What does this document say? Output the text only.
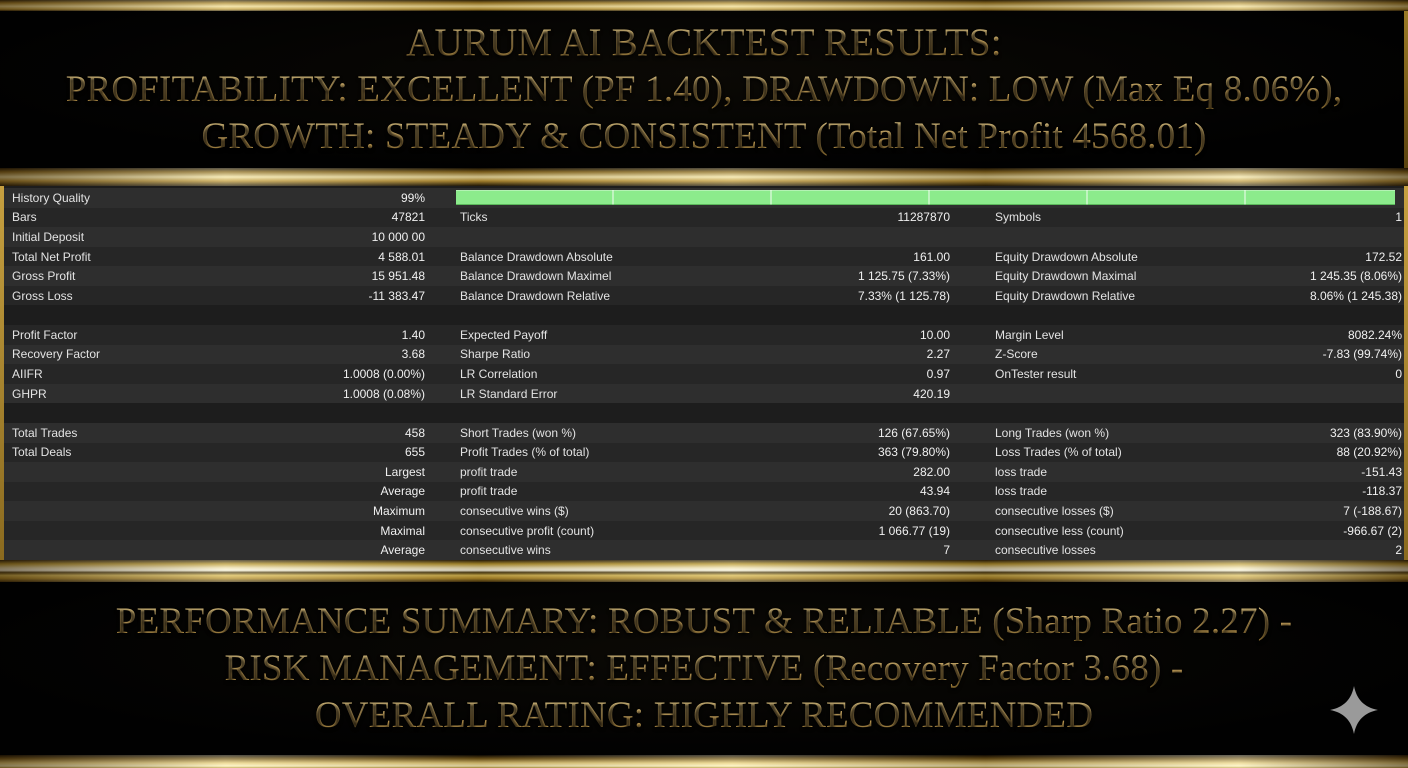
AURUM AI BACKTEST RESULTS:
PROFITABILITY: EXCELLENT (PF 1.40), DRAWDOWN: LOW (Max Eq 8.06%),
GROWTH: STEADY & CONSISTENT (Total Net Profit 4568.01)
History Quality	99%
Bars	47821	Ticks	11287870	Symbols	1
Initial Deposit	10 000 00
Total Net Profit	4 588.01	Balance Drawdown Absolute	161.00	Equity Drawdown Absolute	172.52
Gross Profit	15 951.48	Balance Drawdown Maximel	1 125.75 (7.33%)	Equity Drawdown Maximal	1 245.35 (8.06%)
Gross Loss	-11 383.47	Balance Drawdown Relative	7.33% (1 125.78)	Equity Drawdown Relative	8.06% (1 245.38)
Profit Factor	1.40	Expected Payoff	10.00	Margin Level	8082.24%
Recovery Factor	3.68	Sharpe Ratio	2.27	Z-Score	-7.83 (99.74%)
AIIFR	1.0008 (0.00%)	LR Correlation	0.97	OnTester result	0
GHPR	1.0008 (0.08%)	LR Standard Error	420.19
Total Trades	458	Short Trades (won %)	126 (67.65%)	Long Trades (won %)	323 (83.90%)
Total Deals	655	Profit Trades (% of total)	363 (79.80%)	Loss Trades (% of total)	88 (20.92%)
Largest	profit trade	282.00	loss trade	-151.43
Average	profit trade	43.94	loss trade	-118.37
Maximum	consecutive wins ($)	20 (863.70)	consecutive losses ($)	7 (-188.67)
Maximal	consecutive profit (count)	1 066.77 (19)	consecutive less (count)	-966.67 (2)
Average	consecutive wins	7	consecutive losses	2
PERFORMANCE SUMMARY: ROBUST & RELIABLE (Sharp Ratio 2.27) -
RISK MANAGEMENT: EFFECTIVE (Recovery Factor 3.68) -
OVERALL RATING: HIGHLY RECOMMENDED
